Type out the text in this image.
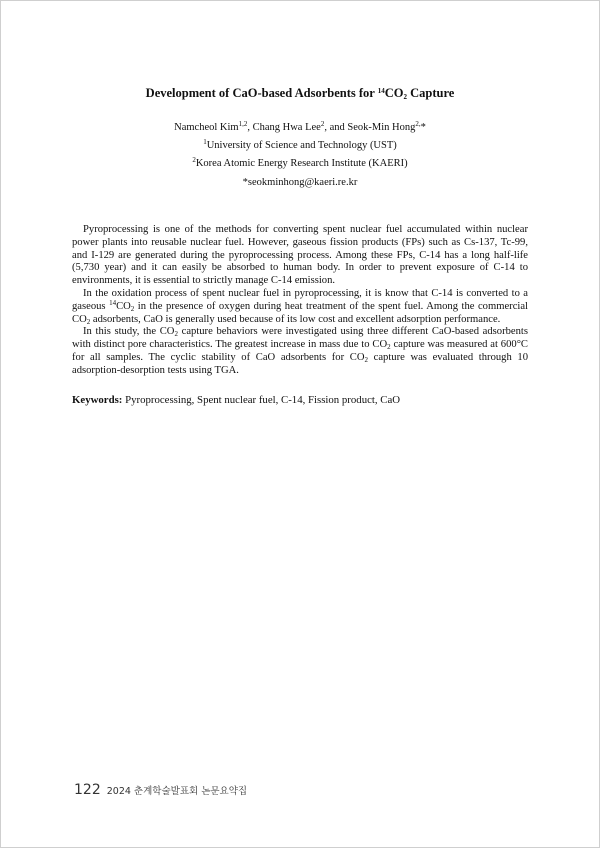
Development of CaO-based Adsorbents for $^{14}CO_2$ Capture
Namcheol Kim$^{1,2}$, Chang Hwa Lee$^2$, and Seok-Min Hong$^{2,}$*
$^1$University of Science and Technology (UST)
$^2$Korea Atomic Energy Research Institute (KAERI)
*seokminhong@kaeri.re.kr

Pyroprocessing is one of the methods for converting spent nuclear fuel accumulated within nuclear power plants into reusable nuclear fuel. However, gaseous fission products (FPs) such as Cs-137, Tc-99, and I-129 are generated during the pyroprocessing process. Among these FPs, C-14 has a long half-life (5,730 year) and it can easily be absorbed to human body. In order to prevent exposure of C-14 to environments, it is essential to strictly manage C-14 emission.

In the oxidation process of spent nuclear fuel in pyroprocessing, it is know that C-14 is converted to a gaseous $^{14}CO_2$ in the presence of oxygen during heat treatment of the spent fuel. Among the commercial $CO_2$ adsorbents, CaO is generally used because of its low cost and excellent adsorption performance.

In this study, the $CO_2$ capture behaviors were investigated using three different CaO-based adsorbents with distinct pore characteristics. The greatest increase in mass due to $CO_2$ capture was measured at 600°C for all samples. The cyclic stability of CaO adsorbents for $CO_2$ capture was evaluated through 10 adsorption-desorption tests using TGA.

Keywords: Pyroprocessing, Spent nuclear fuel, C-14, Fission product, CaO
122 2024 춘계학술발표회 논문요약집
